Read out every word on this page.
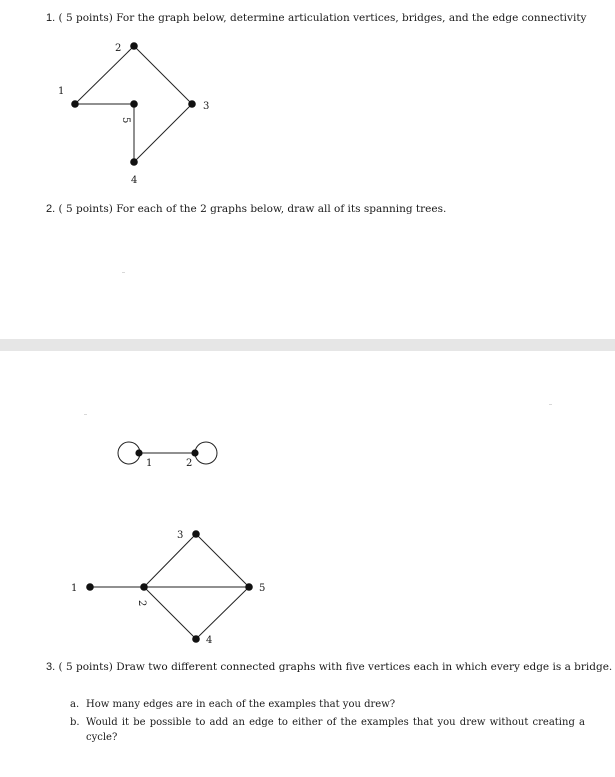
1. ( 5 points) For the graph below, determine articulation vertices, bridges, and the edge connectivity
1
2
3
4
5
2. ( 5 points) For each of the 2 graphs below, draw all of its spanning trees.
1	2
1
2
3
4
5
3. ( 5 points) Draw two different connected graphs with five vertices each in which every edge is a bridge.
a. How many edges are in each of the examples that you drew?
b. Would it be possible to add an edge to either of the examples that you drew without creating a cycle?
